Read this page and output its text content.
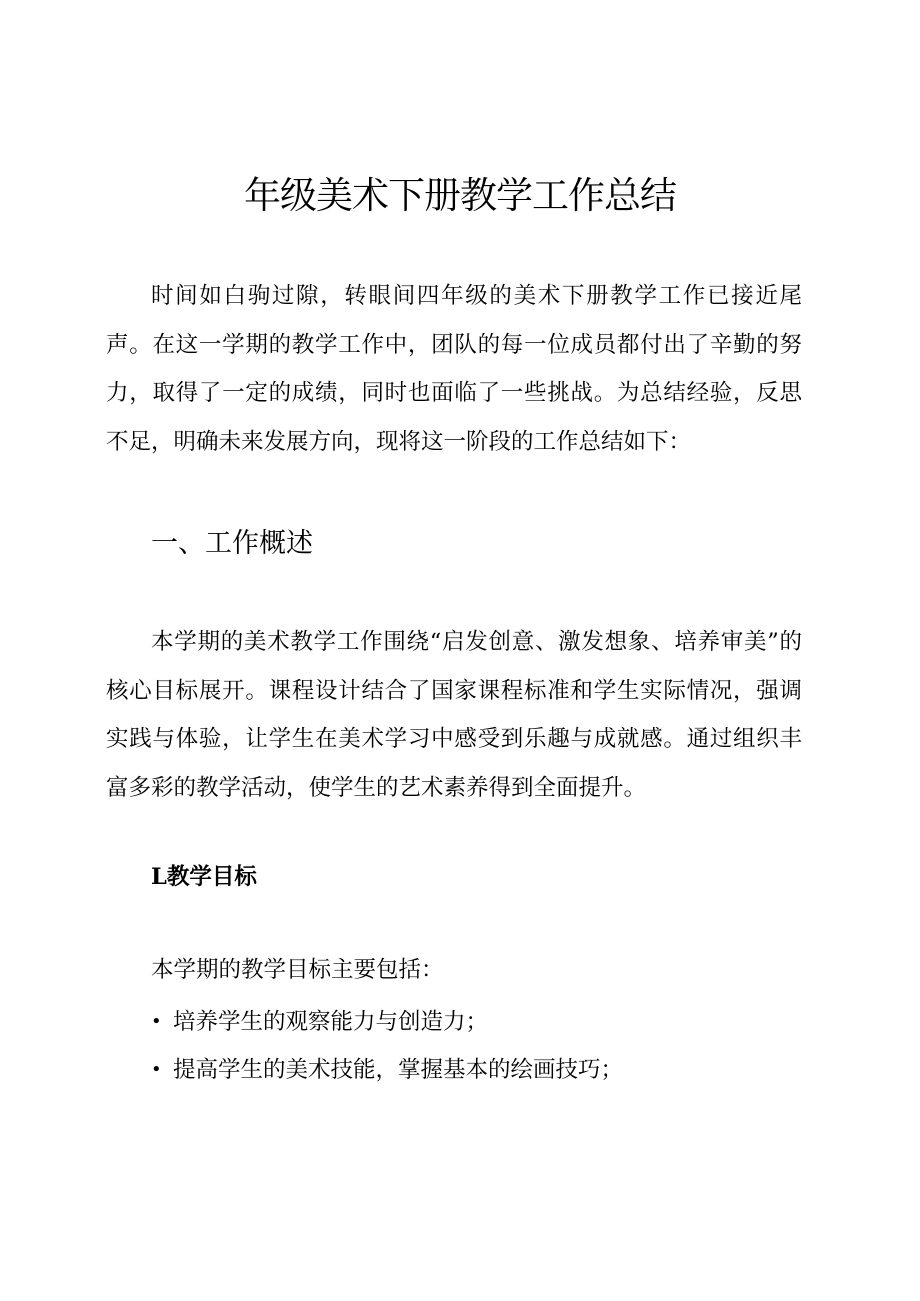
年级美术下册教学工作总结

时间如白驹过隙，转眼间四年级的美术下册教学工作已接近尾声。在这一学期的教学工作中，团队的每一位成员都付出了辛勤的努力，取得了一定的成绩，同时也面临了一些挑战。为总结经验，反思不足，明确未来发展方向，现将这一阶段的工作总结如下：

一、工作概述

本学期的美术教学工作围绕“启发创意、激发想象、培养审美”的核心目标展开。课程设计结合了国家课程标准和学生实际情况，强调实践与体验，让学生在美术学习中感受到乐趣与成就感。通过组织丰富多彩的教学活动，使学生的艺术素养得到全面提升。

L教学目标

本学期的教学目标主要包括：

• 培养学生的观察能力与创造力；
• 提高学生的美术技能，掌握基本的绘画技巧；
